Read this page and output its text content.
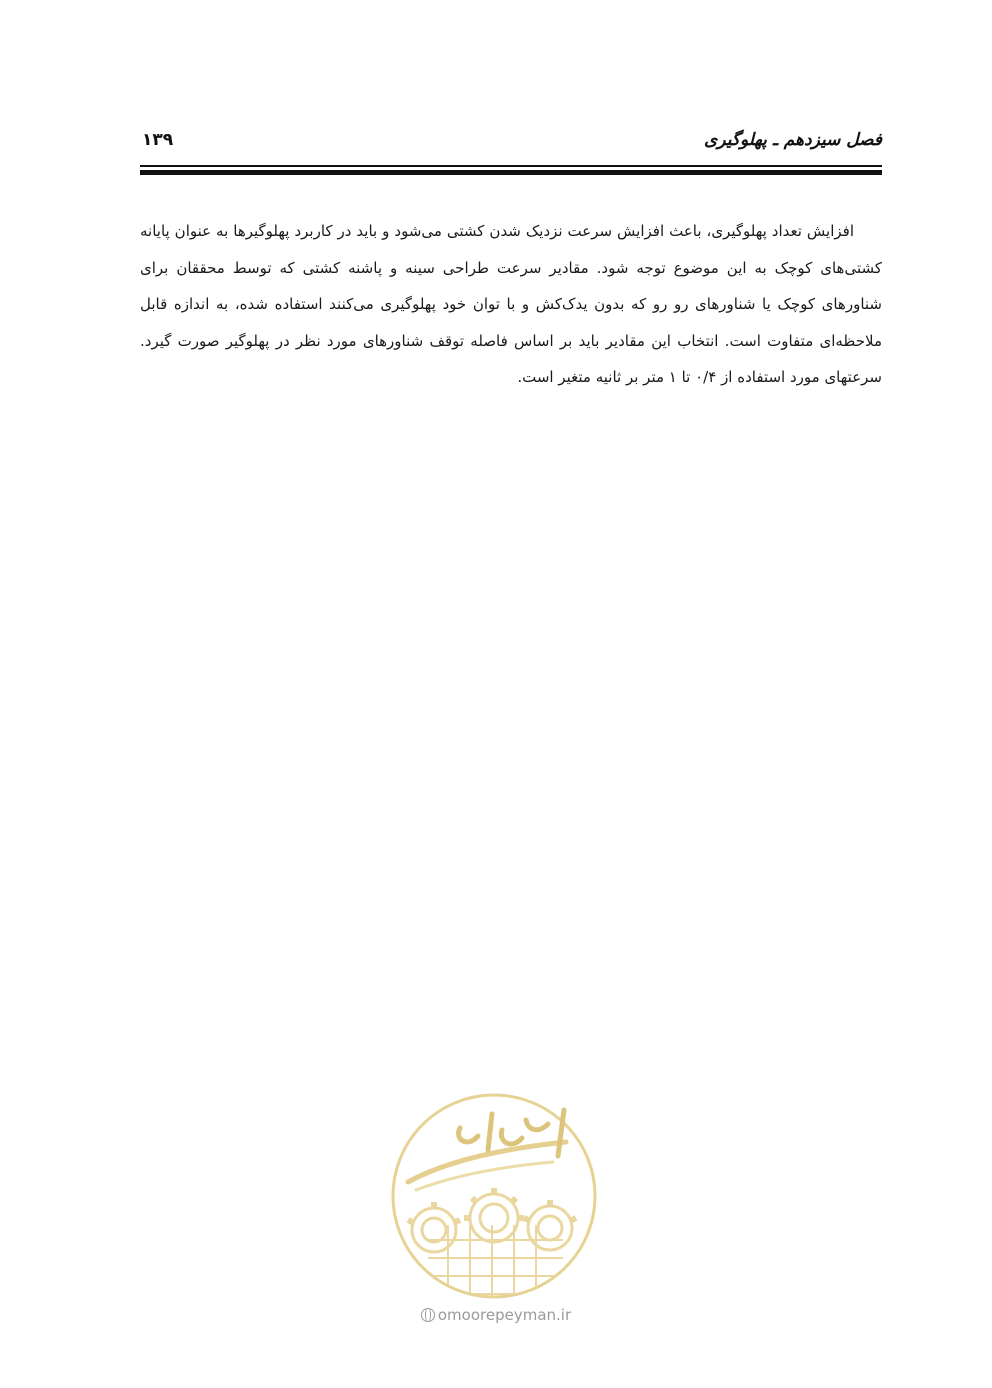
فصل سیزدهم ـ پهلوگیری
۱۳۹

افزایش تعداد پهلوگیری، باعث افزایش سرعت نزدیک شدن کشتی می‌شود و باید در کاربرد پهلوگیرها به عنوان پایانه کشتی‌های کوچک به این موضوع توجه شود. مقادیر سرعت طراحی سینه و پاشنه کشتی که توسط محققان برای شناورهای کوچک یا شناورهای رو رو که بدون یدک‌کش و با توان خود پهلوگیری می‌کنند استفاده شده، به اندازه قابل ملاحظه‌ای متفاوت است. انتخاب این مقادیر باید بر اساس فاصله توقف شناورهای مورد نظر در پهلوگیر صورت گیرد. سرعتهای مورد استفاده از ۰/۴ تا ۱ متر بر ثانیه متغیر است.

omoorepeyman.ir
